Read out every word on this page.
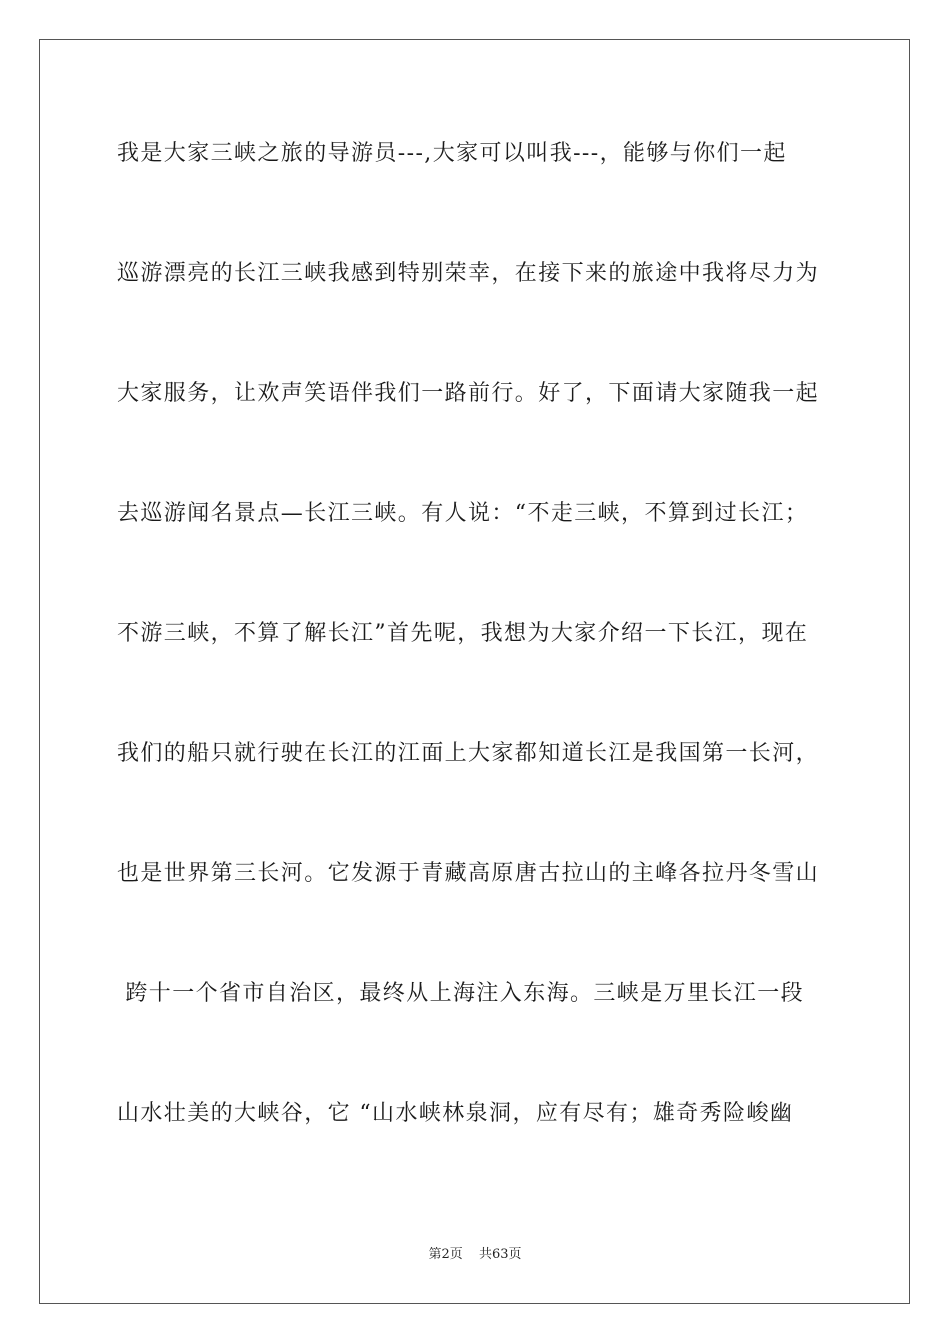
我是大家三峡之旅的导游员---,大家可以叫我---，能够与你们一起
巡游漂亮的长江三峡我感到特别荣幸，在接下来的旅途中我将尽力为
大家服务，让欢声笑语伴我们一路前行。好了，下面请大家随我一起
去巡游闻名景点—长江三峡。有人说：“不走三峡，不算到过长江；
不游三峡，不算了解长江”首先呢，我想为大家介绍一下长江，现在
我们的船只就行驶在长江的江面上大家都知道长江是我国第一长河，
也是世界第三长河。它发源于青藏高原唐古拉山的主峰各拉丹冬雪山
跨十一个省市自治区，最终从上海注入东海。三峡是万里长江一段
山水壮美的大峡谷，它 “山水峡林泉洞，应有尽有；雄奇秀险峻幽
第2页 共63页
